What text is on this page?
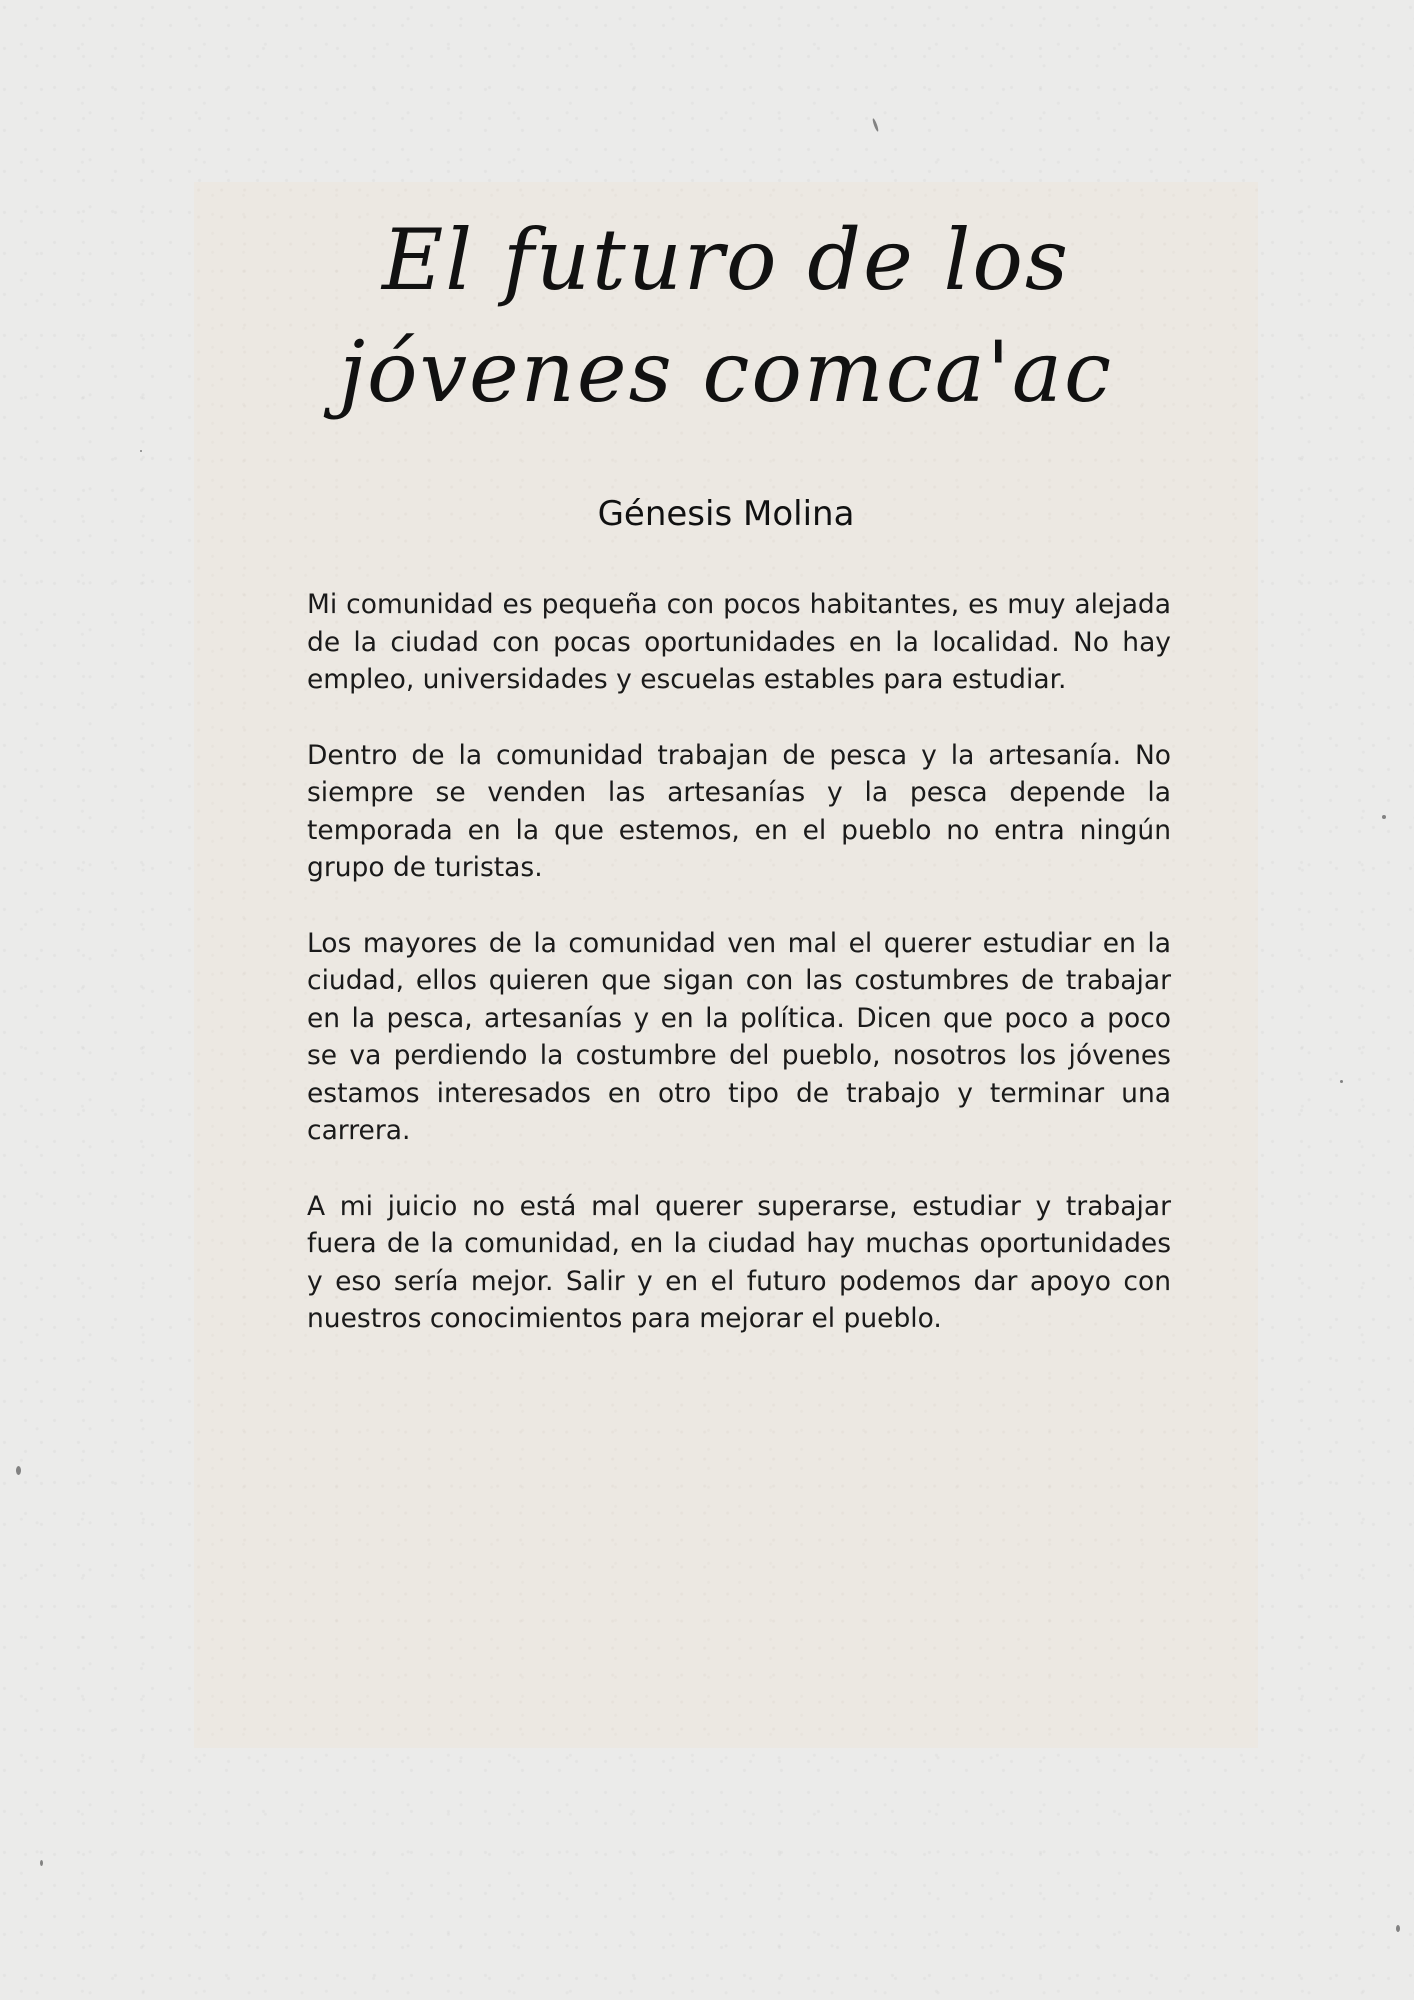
El futuro de los
jóvenes comca'ac

Génesis Molina

Mi comunidad es pequeña con pocos habitantes, es muy alejada de la ciudad con pocas oportunidades en la localidad. No hay empleo, universidades y escuelas estables para estudiar.

Dentro de la comunidad trabajan de pesca y la artesanía. No siempre se venden las artesanías y la pesca depende la temporada en la que estemos, en el pueblo no entra ningún grupo de turistas.

Los mayores de la comunidad ven mal el querer estudiar en la ciudad, ellos quieren que sigan con las costumbres de trabajar en la pesca, artesanías y en la política. Dicen que poco a poco se va perdiendo la costumbre del pueblo, nosotros los jóvenes estamos interesados en otro tipo de trabajo y terminar una carrera.

A mi juicio no está mal querer superarse, estudiar y trabajar fuera de la comunidad, en la ciudad hay muchas oportunidades y eso sería mejor. Salir y en el futuro podemos dar apoyo con nuestros conocimientos para mejorar el pueblo.
